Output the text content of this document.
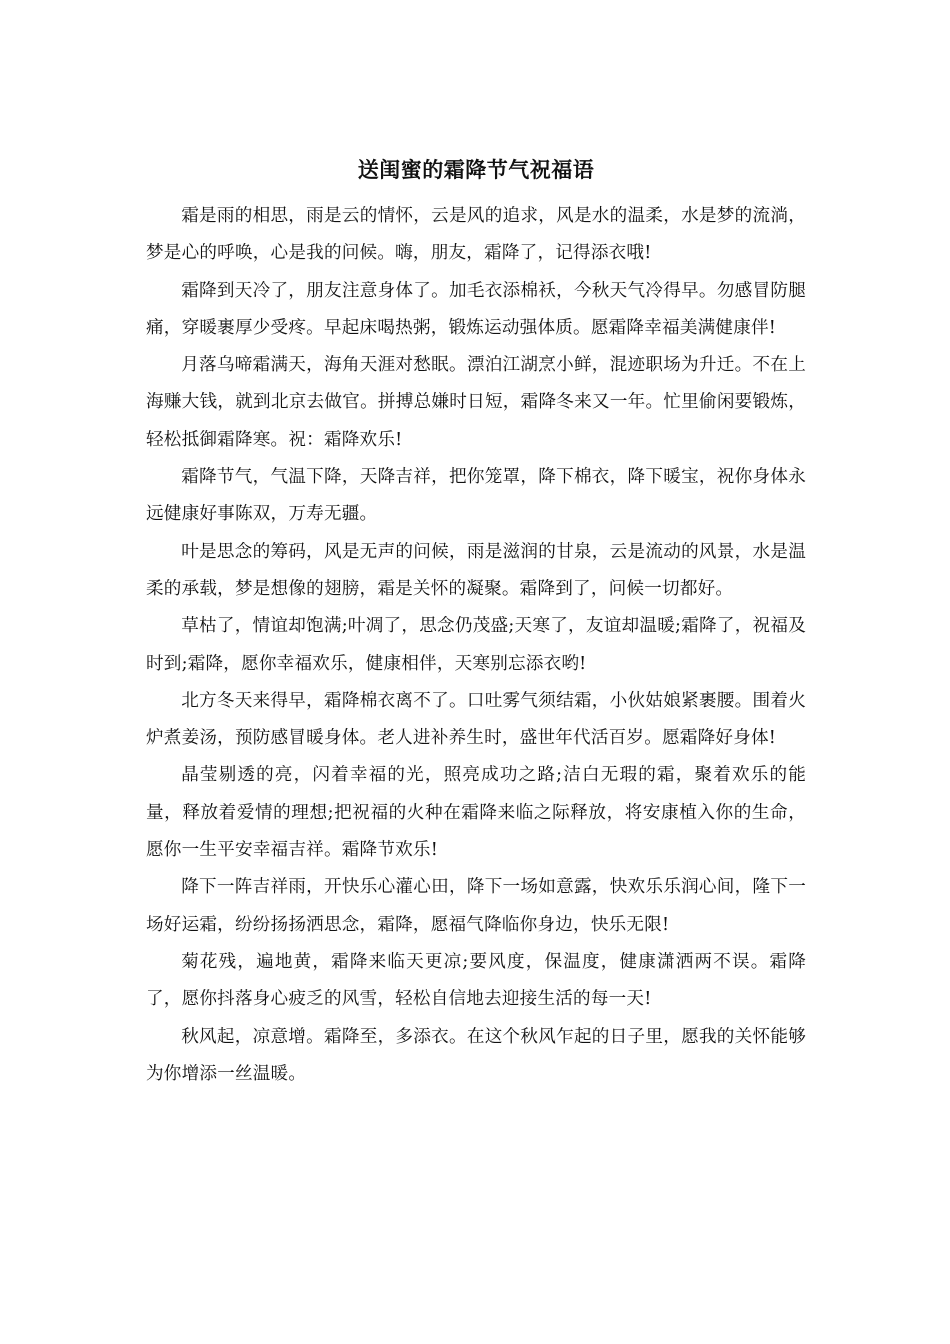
送闺蜜的霜降节气祝福语

霜是雨的相思，雨是云的情怀，云是风的追求，风是水的温柔，水是梦的流淌，梦是心的呼唤，心是我的问候。嗨，朋友，霜降了，记得添衣哦!

霜降到天冷了，朋友注意身体了。加毛衣添棉袄，今秋天气冷得早。勿感冒防腿痛，穿暖裹厚少受疼。早起床喝热粥，锻炼运动强体质。愿霜降幸福美满健康伴!

月落乌啼霜满天，海角天涯对愁眠。漂泊江湖烹小鲜，混迹职场为升迁。不在上海赚大钱，就到北京去做官。拼搏总嫌时日短，霜降冬来又一年。忙里偷闲要锻炼，轻松抵御霜降寒。祝：霜降欢乐!

霜降节气，气温下降，天降吉祥，把你笼罩，降下棉衣，降下暖宝，祝你身体永远健康好事陈双，万寿无疆。

叶是思念的筹码，风是无声的问候，雨是滋润的甘泉，云是流动的风景，水是温柔的承载，梦是想像的翅膀，霜是关怀的凝聚。霜降到了，问候一切都好。

草枯了，情谊却饱满;叶凋了，思念仍茂盛;天寒了，友谊却温暖;霜降了，祝福及时到;霜降，愿你幸福欢乐，健康相伴，天寒别忘添衣哟!

北方冬天来得早，霜降棉衣离不了。口吐雾气须结霜，小伙姑娘紧裹腰。围着火炉煮姜汤，预防感冒暖身体。老人进补养生时，盛世年代活百岁。愿霜降好身体!

晶莹剔透的亮，闪着幸福的光，照亮成功之路;洁白无瑕的霜，聚着欢乐的能量，释放着爱情的理想;把祝福的火种在霜降来临之际释放，将安康植入你的生命，愿你一生平安幸福吉祥。霜降节欢乐!

降下一阵吉祥雨，开快乐心灌心田，降下一场如意露，快欢乐乐润心间，隆下一场好运霜，纷纷扬扬洒思念，霜降，愿福气降临你身边，快乐无限!

菊花残，遍地黄，霜降来临天更凉;要风度，保温度，健康潇洒两不误。霜降了，愿你抖落身心疲乏的风雪，轻松自信地去迎接生活的每一天!

秋风起，凉意增。霜降至，多添衣。在这个秋风乍起的日子里，愿我的关怀能够为你增添一丝温暖。
